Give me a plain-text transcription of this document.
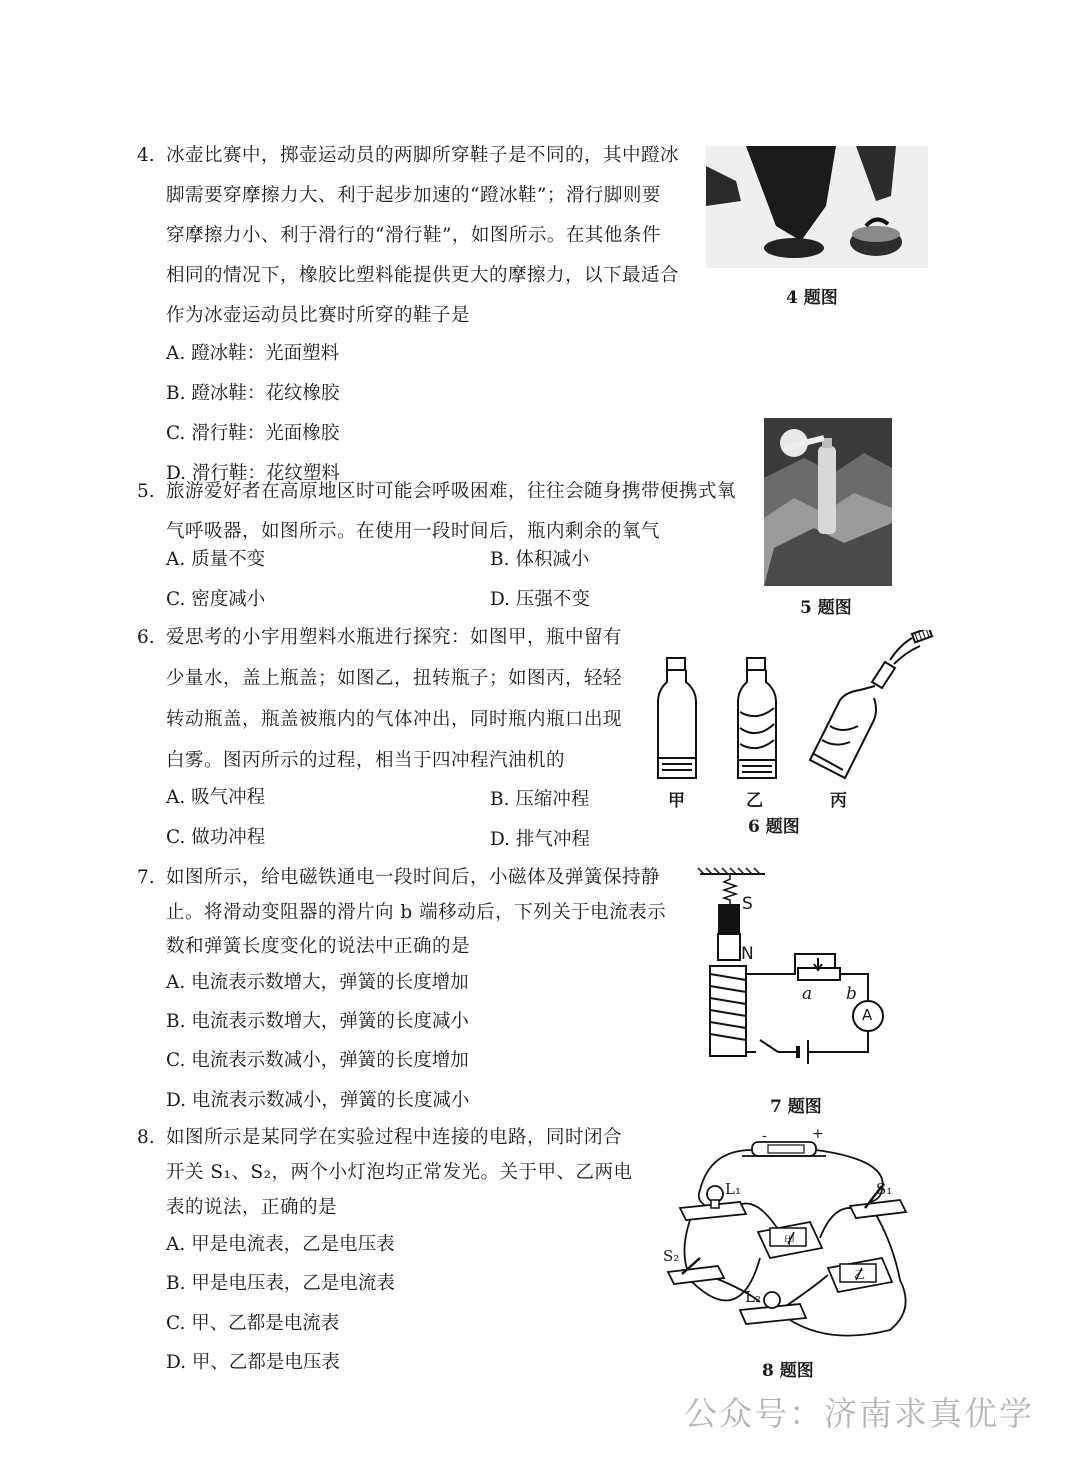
4. 冰壶比赛中，掷壶运动员的两脚所穿鞋子是不同的，其中蹬冰
脚需要穿摩擦力大、利于起步加速的“蹬冰鞋”；滑行脚则要
穿摩擦力小、利于滑行的“滑行鞋”，如图所示。在其他条件
相同的情况下，橡胶比塑料能提供更大的摩擦力，以下最适合
作为冰壶运动员比赛时所穿的鞋子是
A. 蹬冰鞋：光面塑料
B. 蹬冰鞋：花纹橡胶
C. 滑行鞋：光面橡胶
D. 滑行鞋：花纹塑料
4 题图
5. 旅游爱好者在高原地区时可能会呼吸困难，往往会随身携带便携式氧
气呼吸器，如图所示。在使用一段时间后，瓶内剩余的氧气
A. 质量不变	B. 体积减小
C. 密度减小	D. 压强不变	5 题图
6. 爱思考的小宇用塑料水瓶进行探究：如图甲，瓶中留有
少量水，盖上瓶盖；如图乙，扭转瓶子；如图丙，轻轻
转动瓶盖，瓶盖被瓶内的气体冲出，同时瓶内瓶口出现
白雾。图丙所示的过程，相当于四冲程汽油机的
A. 吸气冲程	B. 压缩冲程
C. 做功冲程	D. 排气冲程
甲	乙	丙
6 题图
7. 如图所示，给电磁铁通电一段时间后，小磁体及弹簧保持静
止。将滑动变阻器的滑片向 b 端移动后，下列关于电流表示
数和弹簧长度变化的说法中正确的是
A. 电流表示数增大，弹簧的长度增加
B. 电流表示数增大，弹簧的长度减小
C. 电流表示数减小，弹簧的长度增加
D. 电流表示数减小，弹簧的长度减小
S
N
a b
A
7 题图
8. 如图所示是某同学在实验过程中连接的电路，同时闭合
开关 S₁、S₂，两个小灯泡均正常发光。关于甲、乙两电
表的说法，正确的是
A. 甲是电流表，乙是电压表
B. 甲是电压表，乙是电流表
C. 甲、乙都是电流表
D. 甲、乙都是电压表
L₁
L₂
S₁
S₂
-	+
甲
乙
8 题图
公众号：济南求真优学
